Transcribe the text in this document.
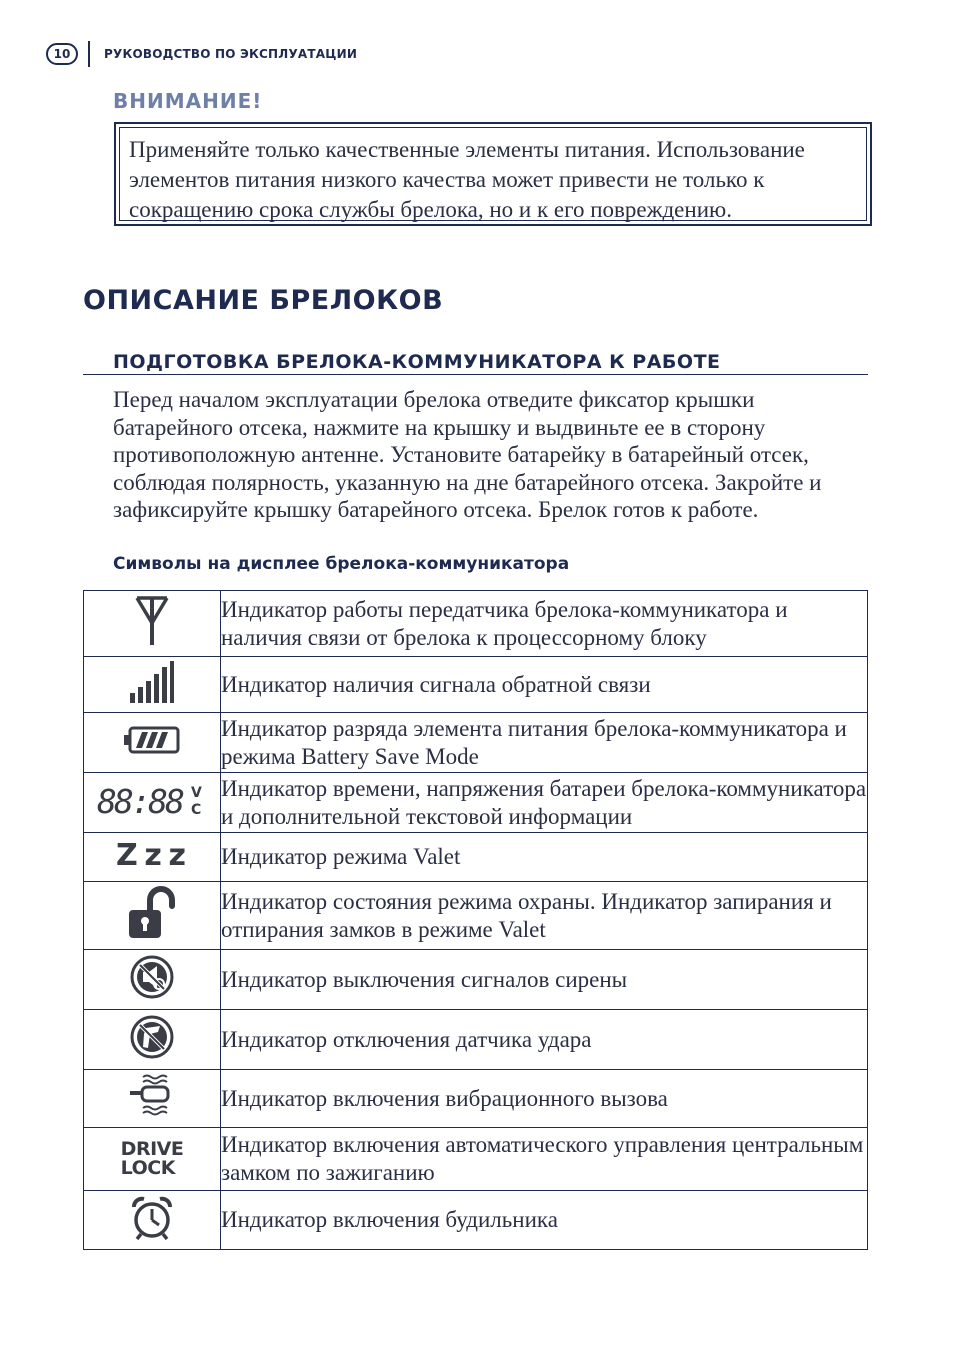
10	РУКОВОДСТВО ПО ЭКСПЛУАТАЦИИ
ВНИМАНИЕ!
Применяйте только качественные элементы питания. Использование элементов питания низкого качества может привести не только к сокращению срока службы брелока, но и к его повреждению.
ОПИСАНИЕ БРЕЛОКОВ
ПОДГОТОВКА БРЕЛОКА-КОММУНИКАТОРА К РАБОТЕ
Перед началом эксплуатации брелока отведите фиксатор крышки батарейного отсека, нажмите на крышку и выдвиньте ее в сторону противоположную антенне. Установите батарейку в батарейный отсек, соблюдая полярность, указанную на дне батарейного отсека. Закройте и зафиксируйте крышку батарейного отсека. Брелок готов к работе.
Символы на дисплее брелока-коммуникатора
	Индикатор работы передатчика брелока-коммуникатора и наличия связи от брелока к процессорному блоку

	Индикатор наличия сигнала обратной связи

	Индикатор разряда элемента питания брелока-коммуникатора и режима Battery Save Mode

88:88 V
C	Индикатор времени, напряжения батареи брелока-коммуникатора и дополнительной текстовой информации

Zzz	Индикатор режима Valet

	Индикатор состояния режима охраны. Индикатор запирания и отпирания замков в режиме Valet

	Индикатор выключения сигналов сирены

	Индикатор отключения датчика удара

	Индикатор включения вибрационного вызова

DRIVE
LOCK	Индикатор включения автоматического управления центральным замком по зажиганию

	Индикатор включения будильника
